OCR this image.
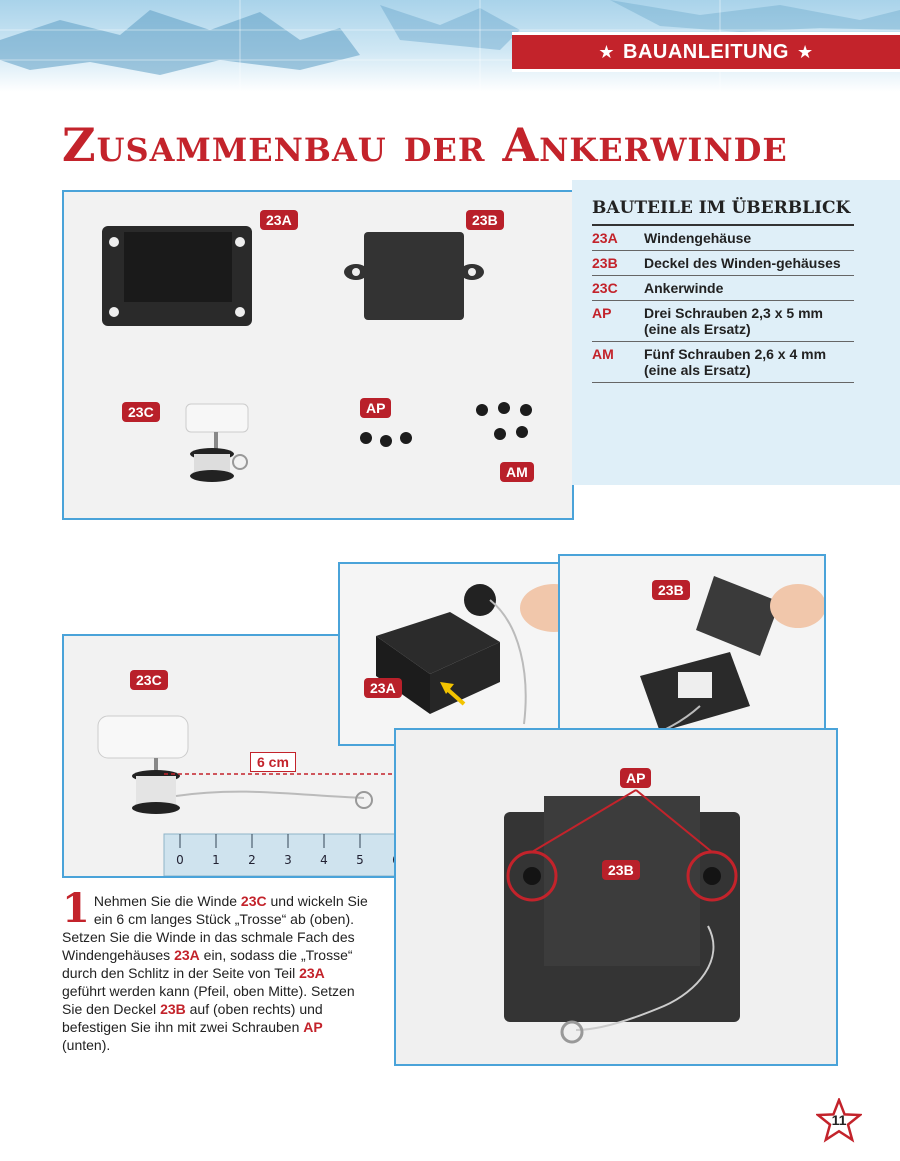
★ BAUANLEITUNG ★
Zusammenbau der Ankerwinde
23A	23B
23C	AP
AM
BAUTEILE IM ÜBERBLICK
23A	Windengehäuse
23B	Deckel des Winden-gehäuses
23C	Ankerwinde
AP	Drei Schrauben 2,3 x 5 mm (eine als Ersatz)
AM	Fünf Schrauben 2,6 x 4 mm (eine als Ersatz)
0 1 2 3 4 5
23C
6 cm
23A
23B
AP
23B
1 Nehmen Sie die Winde 23C und wickeln Sie ein 6 cm langes Stück „Trosse“ ab (oben). Setzen Sie die Winde in das schmale Fach des Windengehäuses 23A ein, sodass die „Trosse“ durch den Schlitz in der Seite von Teil 23A geführt werden kann (Pfeil, oben Mitte). Setzen Sie den Deckel 23B auf (oben rechts) und befestigen Sie ihn mit zwei Schrauben AP (unten).
11
